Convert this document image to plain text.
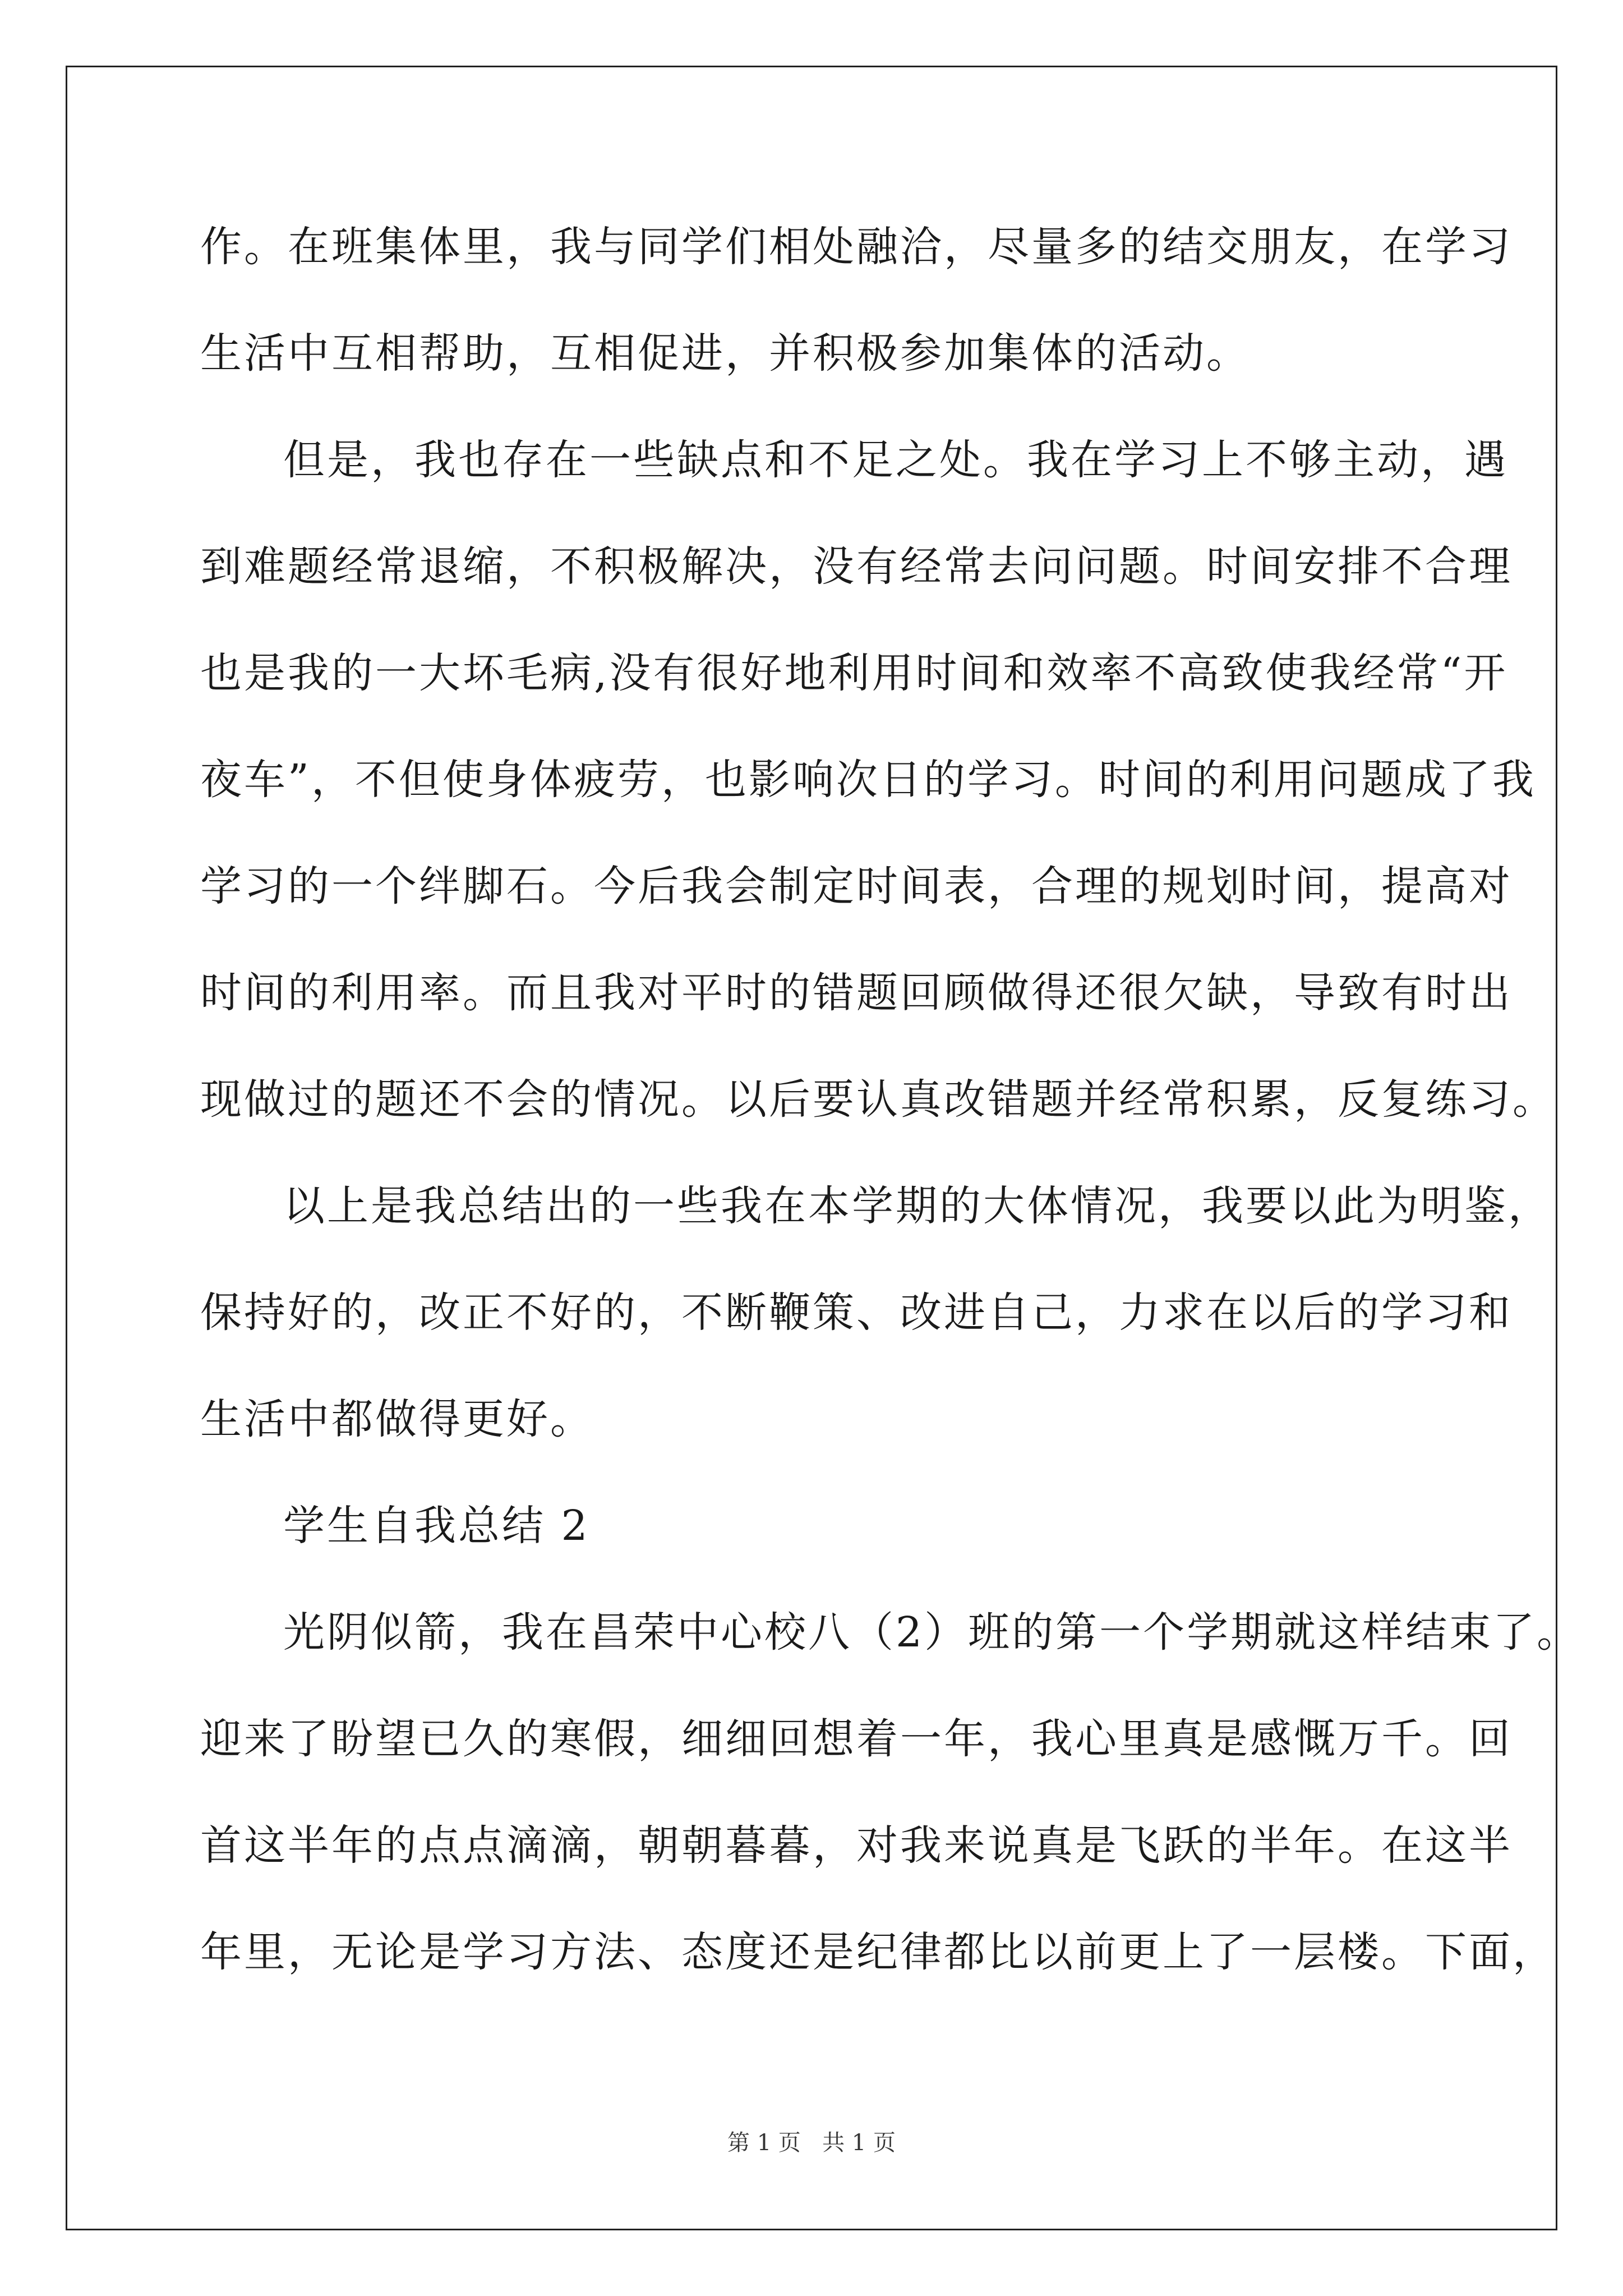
作。在班集体里，我与同学们相处融洽，尽量多的结交朋友，在学习
生活中互相帮助，互相促进，并积极参加集体的活动。
但是，我也存在一些缺点和不足之处。我在学习上不够主动，遇
到难题经常退缩，不积极解决，没有经常去问问题。时间安排不合理
也是我的一大坏毛病,没有很好地利用时间和效率不高致使我经常“开
夜车”，不但使身体疲劳，也影响次日的学习。时间的利用问题成了我
学习的一个绊脚石。今后我会制定时间表，合理的规划时间，提高对
时间的利用率。而且我对平时的错题回顾做得还很欠缺，导致有时出
现做过的题还不会的情况。以后要认真改错题并经常积累，反复练习。
以上是我总结出的一些我在本学期的大体情况，我要以此为明鉴，
保持好的，改正不好的，不断鞭策、改进自己，力求在以后的学习和
生活中都做得更好。
学生自我总结 2
光阴似箭，我在昌荣中心校八（2）班的第一个学期就这样结束了。
迎来了盼望已久的寒假，细细回想着一年，我心里真是感慨万千。回
首这半年的点点滴滴，朝朝暮暮，对我来说真是飞跃的半年。在这半
年里，无论是学习方法、态度还是纪律都比以前更上了一层楼。下面，
第 1 页   共 1 页
